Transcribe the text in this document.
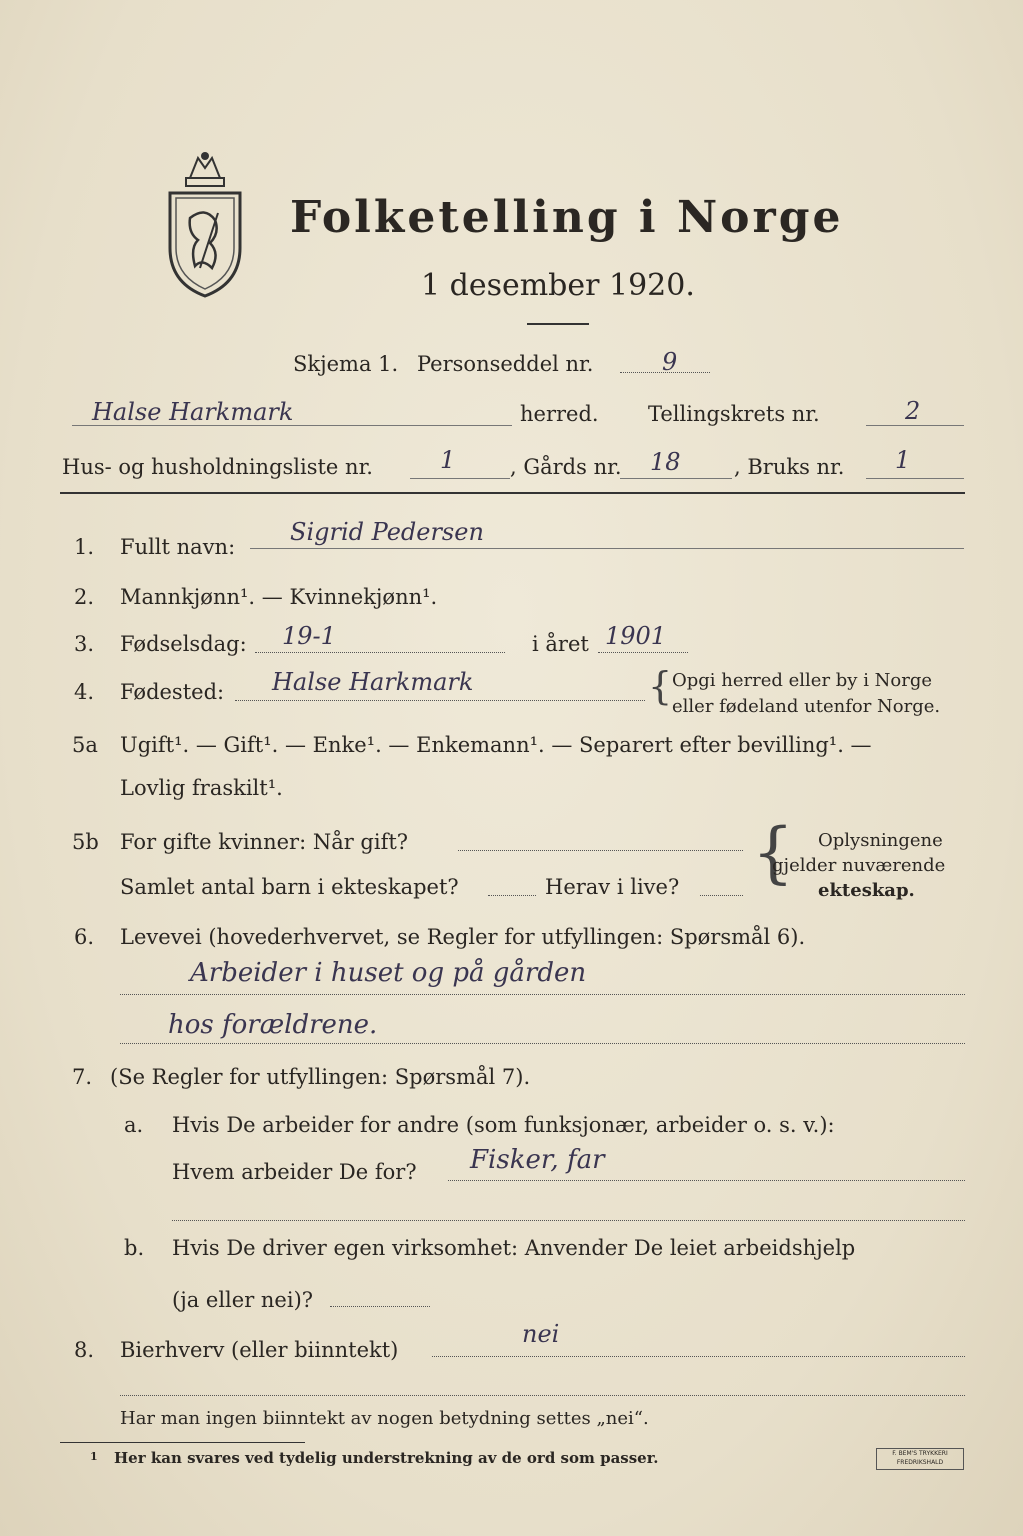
Folketelling i Norge
1 desember 1920.
Skjema 1. Personseddel nr.	9
Halse Harkmark	herred. Tellingskrets nr.	2
Hus- og husholdningsliste nr.	1	, Gårds nr. 18	, Bruks nr. 1
1. Fullt navn:
Sigrid Pedersen
2. Mannkjønn¹. — Kvinnekjønn¹.
3. Fødselsdag: 19-1	i året 1901
4. Fødested: Halse Harkmark	{ Opgi herred eller by i Norge
eller fødeland utenfor Norge.
5a Ugift¹. — Gift¹. — Enke¹. — Enkemann¹. — Separert efter bevilling¹. —
Lovlig fraskilt¹.
5b For gifte kvinner: Når gift?
Samlet antal barn i ekteskapet?	Herav i live? { Oplysningene
gjelder nuværende
ekteskap.
6. Levevei (hovederhvervet, se Regler for utfyllingen: Spørsmål 6).
Arbeider i huset og på gården
hos forældrene.
7. (Se Regler for utfyllingen: Spørsmål 7).
a. Hvis De arbeider for andre (som funksjonær, arbeider o. s. v.):
Hvem arbeider De for? Fisker, far
b. Hvis De driver egen virksomhet: Anvender De leiet arbeidshjelp
(ja eller nei)?
8. Bierhverv (eller biinntekt)
nei
Har man ingen biinntekt av nogen betydning settes „nei“.
1 Her kan svares ved tydelig understrekning av de ord som passer.	F. BEM'S TRYKKERI
FREDRIKSHALD
